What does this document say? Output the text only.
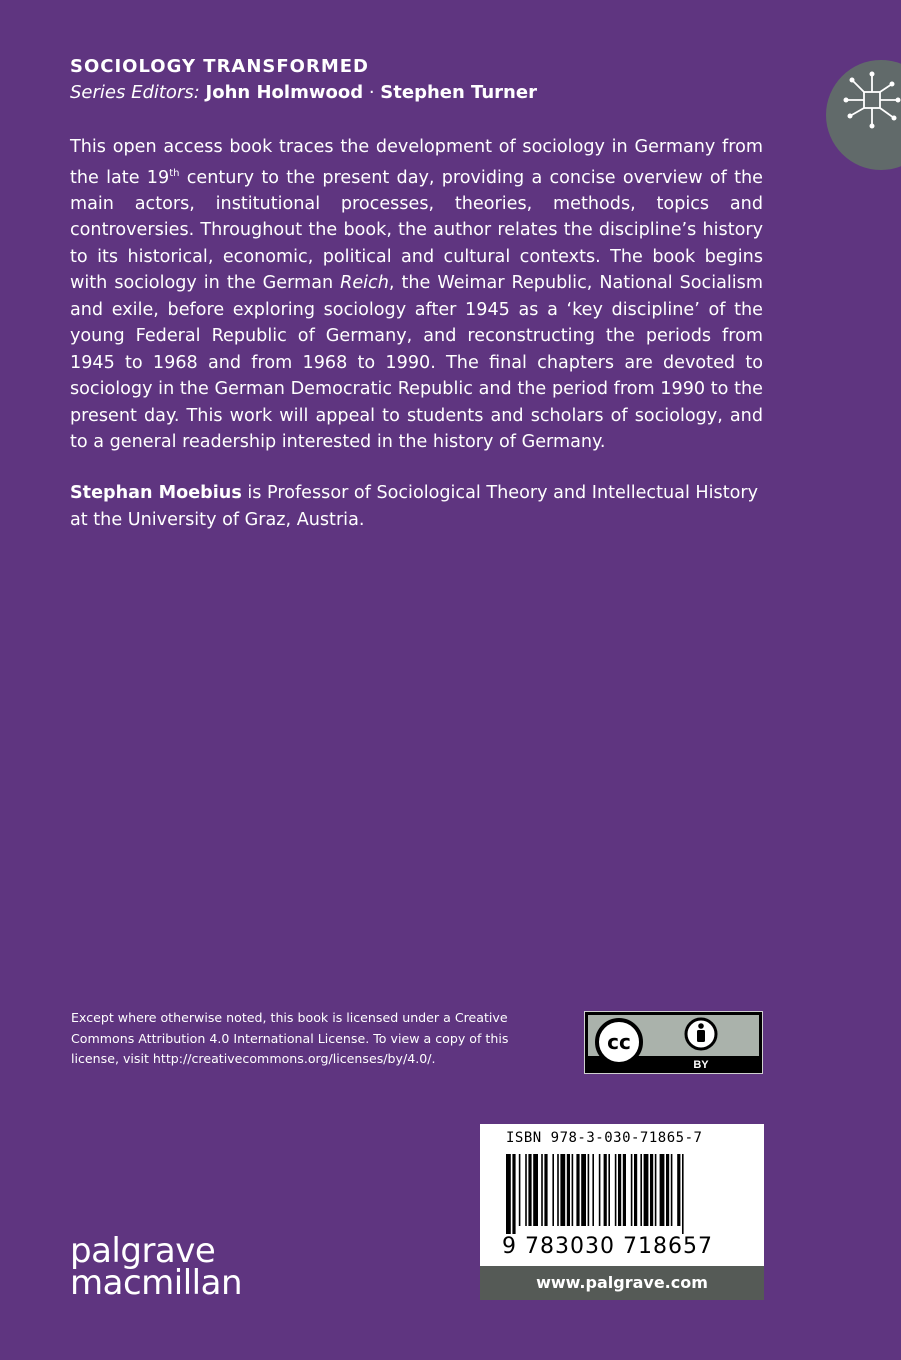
SOCIOLOGY TRANSFORMED
Series Editors: John Holmwood · Stephen Turner

This open access book traces the development of sociology in Germany from the late 19th century to the present day, providing a concise overview of the main actors, institutional processes, theories, methods, topics and controversies. Throughout the book, the author relates the discipline’s history to its historical, economic, political and cultural contexts. The book begins with sociology in the German Reich, the Weimar Republic, National Socialism and exile, before exploring sociology after 1945 as a ‘key discipline’ of the young Federal Republic of Germany, and reconstructing the periods from 1945 to 1968 and from 1968 to 1990. The final chapters are devoted to sociology in the German Democratic Republic and the period from 1990 to the present day. This work will appeal to students and scholars of sociology, and to a general readership interested in the history of Germany.

Stephan Moebius is Professor of Sociological Theory and Intellectual History at the University of Graz, Austria.

Except where otherwise noted, this book is licensed under a Creative Commons Attribution 4.0 International License. To view a copy of this license, visit http://creativecommons.org/licenses/by/4.0/.

cc
BY
ISBN 978-3-030-71865-7
9 783030 718657
www.palgrave.com
palgrave
macmillan
